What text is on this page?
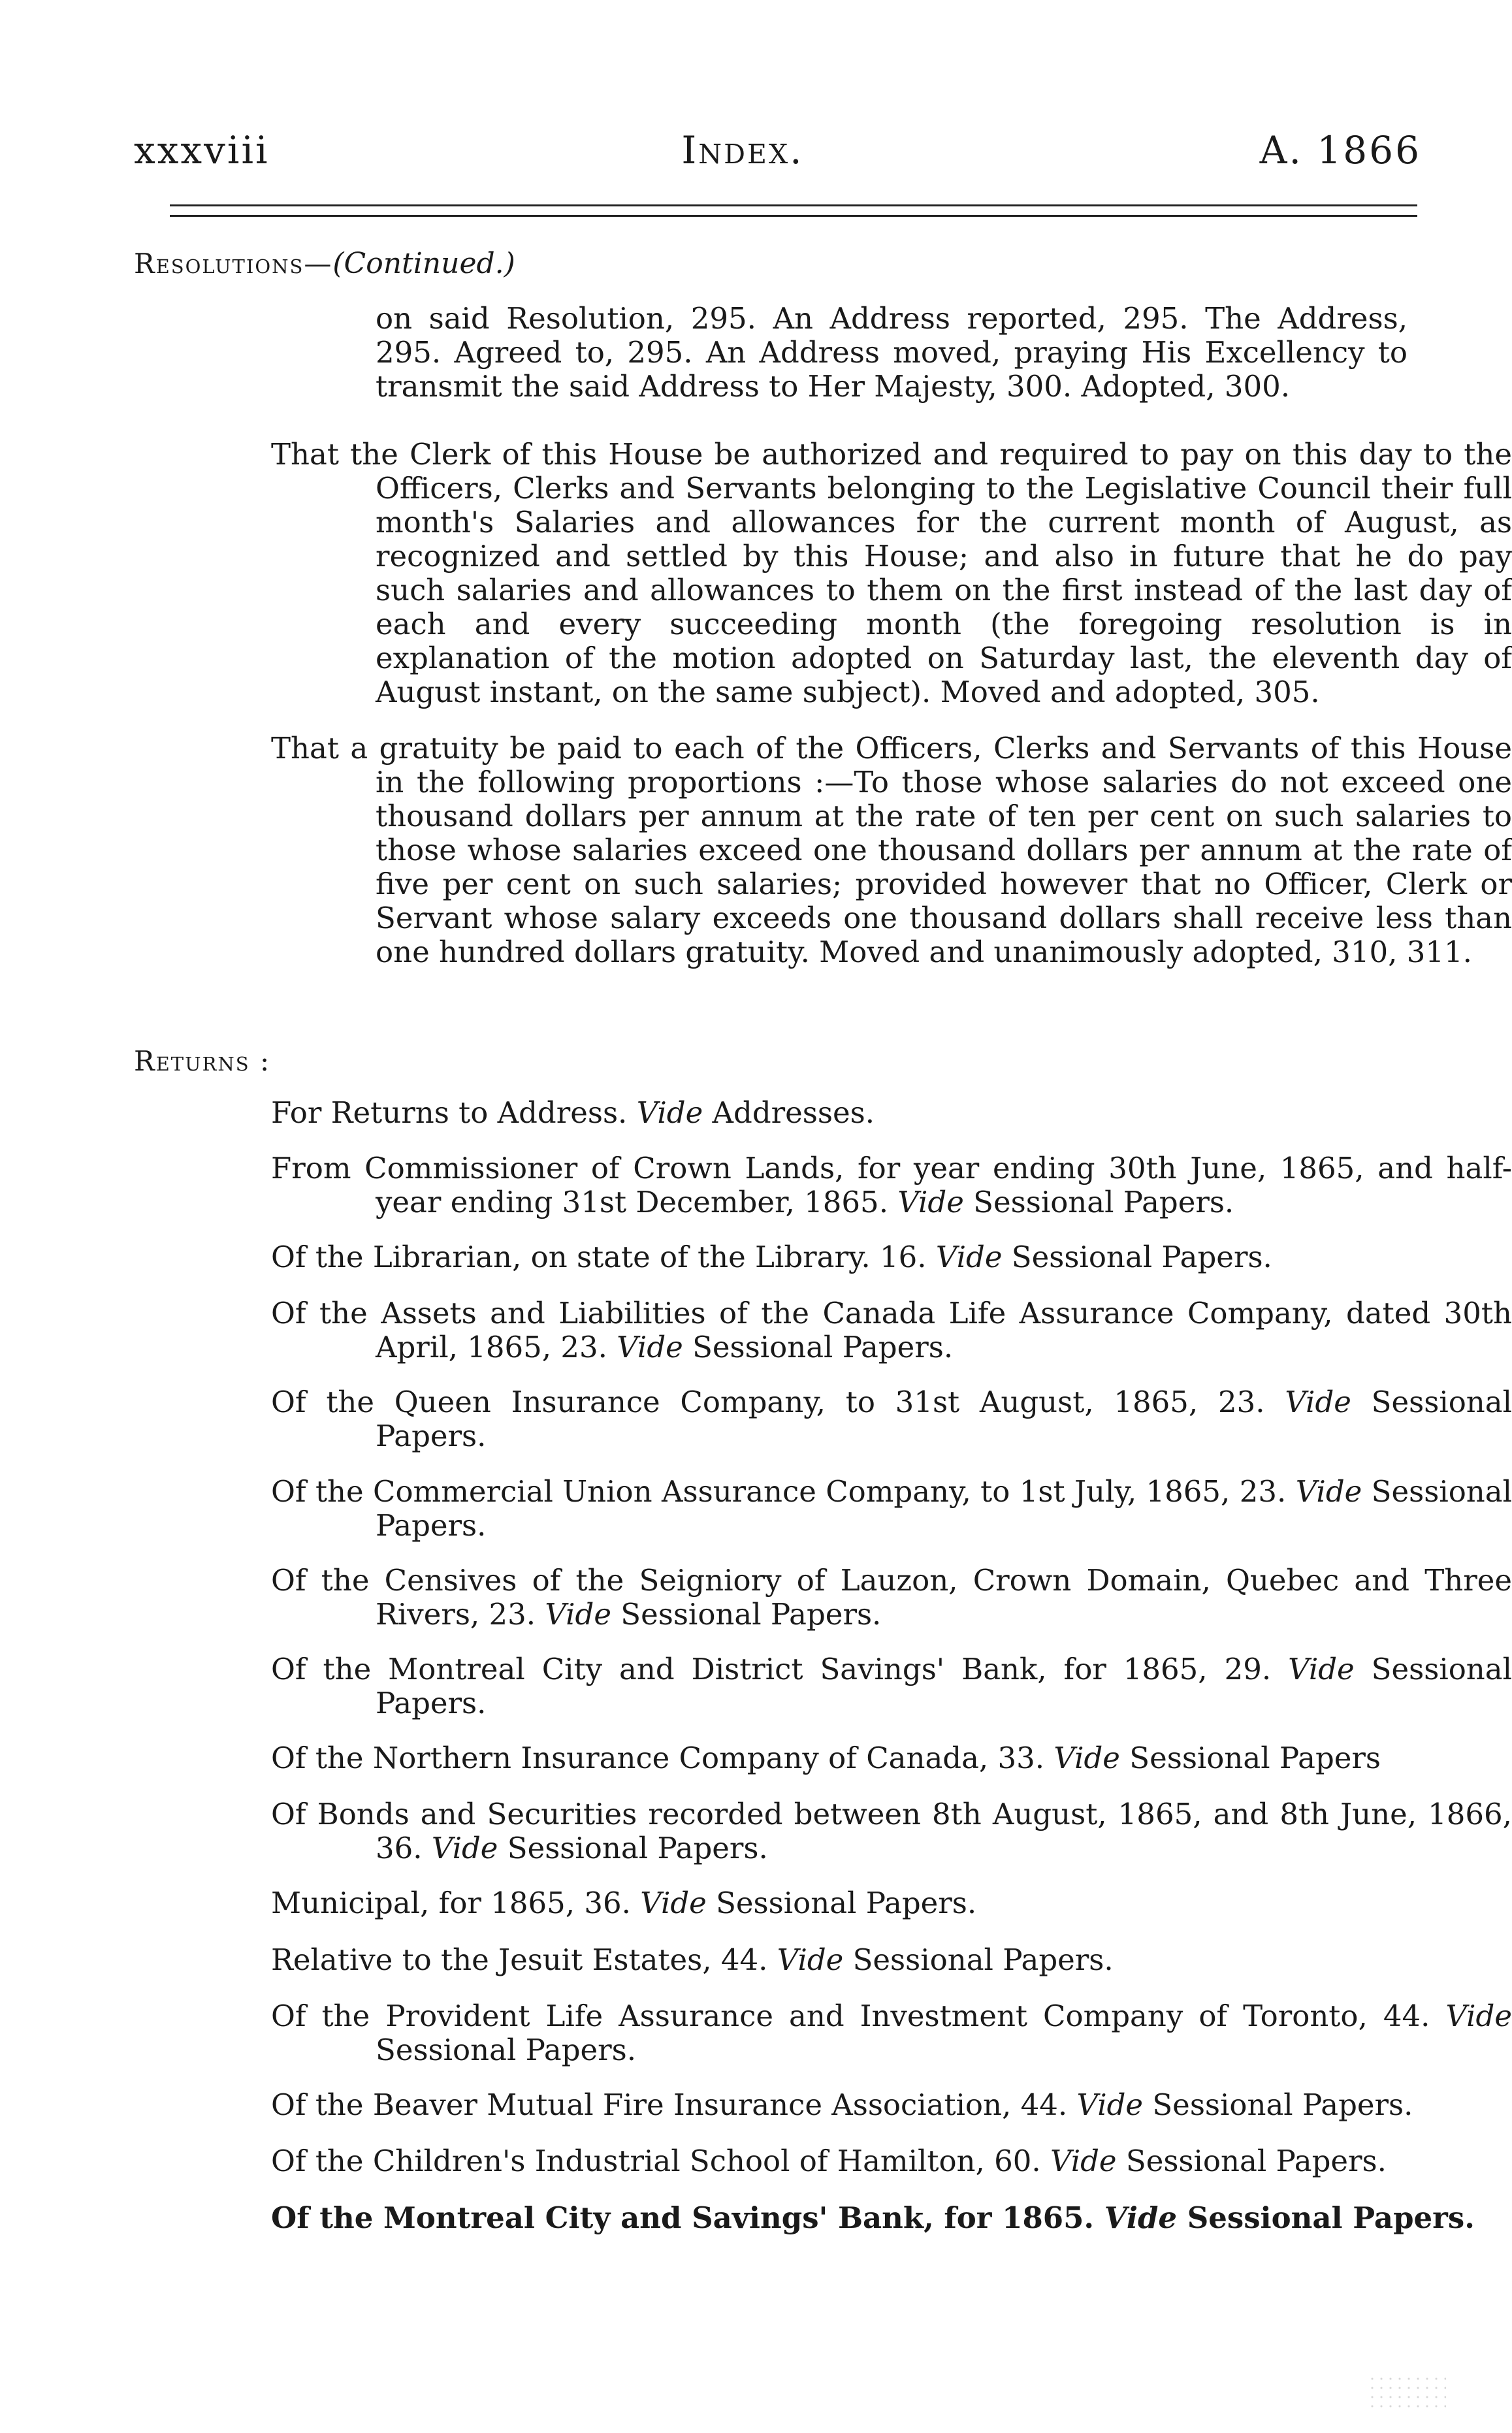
xxxviii	Index.	A. 1866
Resolutions—(Continued.)
on said Resolution, 295. An Address reported, 295. The Address, 295. Agreed to, 295. An Address moved, praying His Excellency to transmit the said Address to Her Majesty, 300. Adopted, 300.
That the Clerk of this House be authorized and required to pay on this day to the Officers, Clerks and Servants belonging to the Legislative Council their full month's Salaries and allowances for the current month of August, as recognized and settled by this House; and also in future that he do pay such salaries and allowances to them on the first instead of the last day of each and every succeeding month (the foregoing resolution is in explanation of the motion adopted on Saturday last, the eleventh day of August instant, on the same subject). Moved and adopted, 305.
That a gratuity be paid to each of the Officers, Clerks and Servants of this House in the following proportions :—To those whose salaries do not exceed one thousand dollars per annum at the rate of ten per cent on such salaries to those whose salaries exceed one thousand dollars per annum at the rate of five per cent on such salaries; provided however that no Officer, Clerk or Servant whose salary exceeds one thousand dollars shall receive less than one hundred dollars gratuity. Moved and unanimously adopted, 310, 311.
Returns :
For Returns to Address. Vide Addresses.
From Commissioner of Crown Lands, for year ending 30th June, 1865, and half-year ending 31st December, 1865. Vide Sessional Papers.
Of the Librarian, on state of the Library. 16. Vide Sessional Papers.
Of the Assets and Liabilities of the Canada Life Assurance Company, dated 30th April, 1865, 23. Vide Sessional Papers.
Of the Queen Insurance Company, to 31st August, 1865, 23. Vide Sessional Papers.
Of the Commercial Union Assurance Company, to 1st July, 1865, 23. Vide Sessional Papers.
Of the Censives of the Seigniory of Lauzon, Crown Domain, Quebec and Three Rivers, 23. Vide Sessional Papers.
Of the Montreal City and District Savings' Bank, for 1865, 29. Vide Sessional Papers.
Of the Northern Insurance Company of Canada, 33. Vide Sessional Papers
Of Bonds and Securities recorded between 8th August, 1865, and 8th June, 1866, 36. Vide Sessional Papers.
Municipal, for 1865, 36. Vide Sessional Papers.
Relative to the Jesuit Estates, 44. Vide Sessional Papers.
Of the Provident Life Assurance and Investment Company of Toronto, 44. Vide Sessional Papers.
Of the Beaver Mutual Fire Insurance Association, 44. Vide Sessional Papers.
Of the Children's Industrial School of Hamilton, 60. Vide Sessional Papers.
Of the Montreal City and Savings' Bank, for 1865. Vide Sessional Papers.
